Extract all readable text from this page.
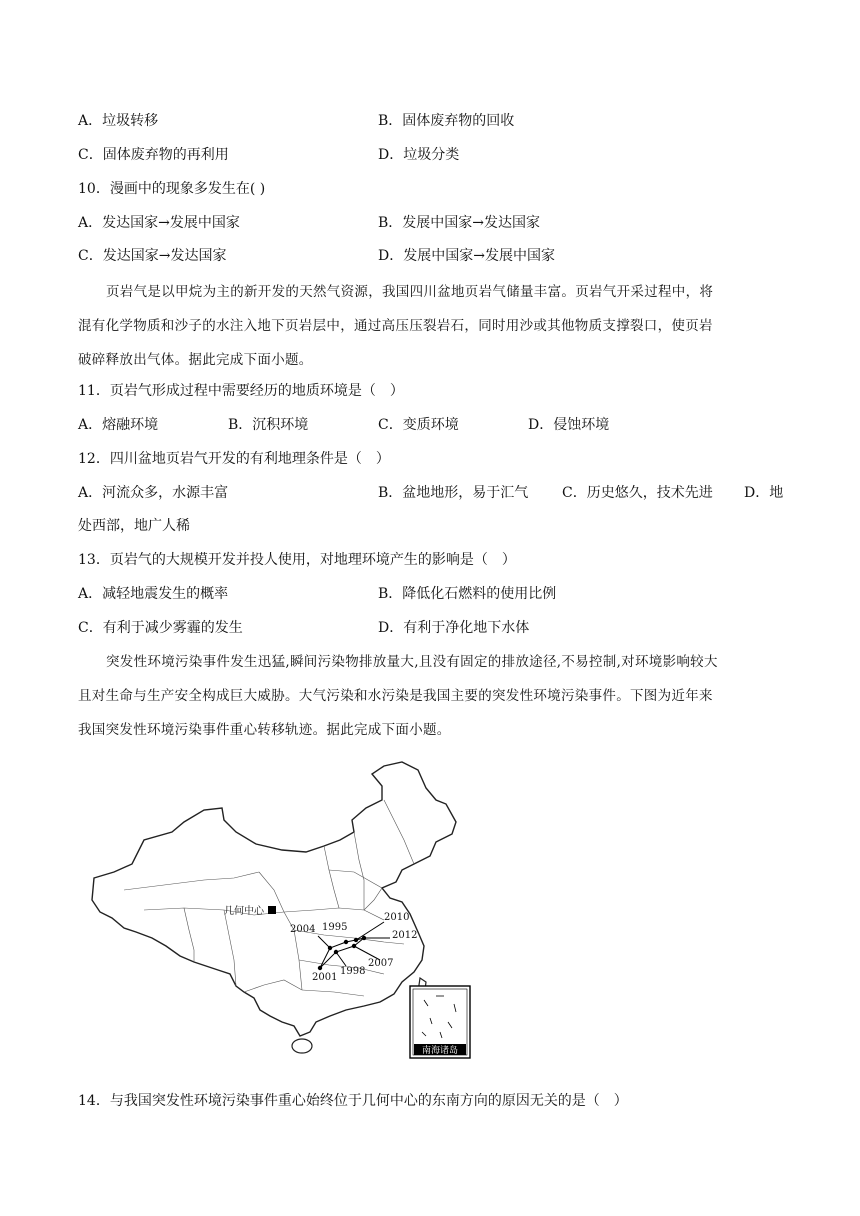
A．垃圾转移	B．固体废弃物的回收
C．固体废弃物的再利用	D．垃圾分类
10．漫画中的现象多发生在( )
A．发达国家→发展中国家	B．发展中国家→发达国家
C．发达国家→发达国家	D．发展中国家→发展中国家
页岩气是以甲烷为主的新开发的天然气资源，我国四川盆地页岩气储量丰富。页岩气开采过程中，将
混有化学物质和沙子的水注入地下页岩层中，通过高压压裂岩石，同时用沙或其他物质支撑裂口，使页岩
破碎释放出气体。据此完成下面小题。
11．页岩气形成过程中需要经历的地质环境是（　）
A．熔融环境	B．沉积环境	C．变质环境	D．侵蚀环境
12．四川盆地页岩气开发的有利地理条件是（　）
A．河流众多，水源丰富	B．盆地地形，易于汇气 C．历史悠久，技术先进 D．地
处西部，地广人稀
13．页岩气的大规模开发并投人使用，对地理环境产生的影响是（　）
A．减轻地震发生的概率	B．降低化石燃料的使用比例
C．有利于减少雾霾的发生	D．有利于净化地下水体
突发性环境污染事件发生迅猛,瞬间污染物排放量大,且没有固定的排放途径,不易控制,对环境影响较大
且对生命与生产安全构成巨大威胁。大气污染和水污染是我国主要的突发性环境污染事件。下图为近年来
我国突发性环境污染事件重心转移轨迹。据此完成下面小题。
几何中心
2010
2004 1995
2012
2007
2001
1998
南海诸岛
14．与我国突发性环境污染事件重心始终位于几何中心的东南方向的原因无关的是（　）
